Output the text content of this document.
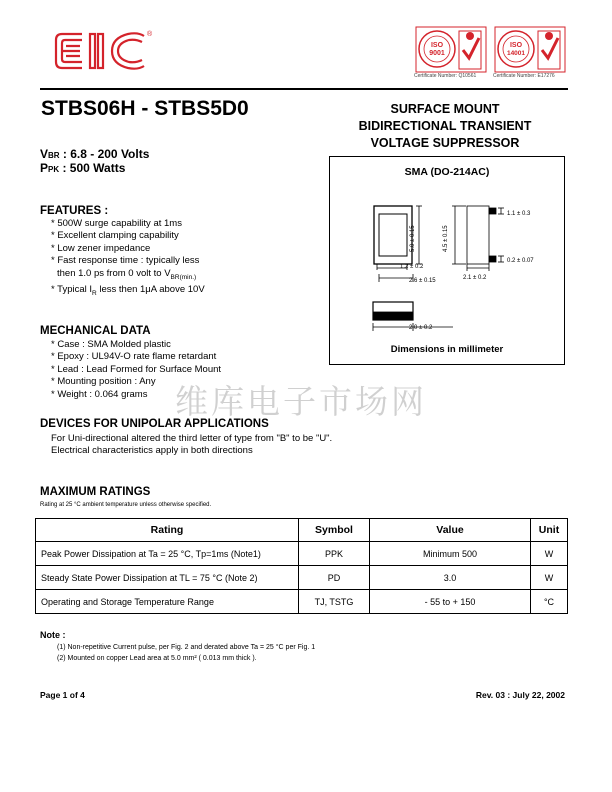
®
EIC
ISO
9001
Certificate Number: Q10561
ISO
14001
Certificate Number: E17276
STBS06H - STBS5D0	SURFACE MOUNT
BIDIRECTIONAL TRANSIENT
VOLTAGE SUPPRESSOR
VBR : 6.8 - 200 Volts
PPK : 500 Watts
FEATURES :
* 500W surge capability at 1ms
* Excellent clamping capability
* Low zener impedance
* Fast response time : typically less
then 1.0 ps from 0 volt to $V_{BR(min.)}$
* Typical $I_R$ less then 1μA above 10V
MECHANICAL DATA
* Case : SMA Molded plastic
* Epoxy : UL94V-O rate flame retardant
* Lead : Lead Formed for Surface Mount
* Mounting position : Any
* Weight : 0.064 grams
SMA (DO-214AC)
5.0 ± 0.15	4.5 ± 0.15
1.2 ± 0.2
2.6 ± 0.15	2.1 ± 0.2
1.1 ± 0.3
0.2 ± 0.07
2.0 ± 0.2
Dimensions in millimeter
维库电子市场网
DEVICES FOR UNIPOLAR APPLICATIONS
For Uni-directional altered the third letter of type from "B" to be "U".
Electrical characteristics apply in both directions
MAXIMUM RATINGS
Rating at 25 °C ambient temperature unless otherwise specified.
Rating	Symbol	Value	Unit
Peak Power Dissipation at Ta = 25 °C, Tp=1ms (Note1)	PPK	Minimum 500	W
Steady State Power Dissipation at TL = 75 °C (Note 2)	PD	3.0	W
Operating and Storage Temperature Range	TJ, TSTG	- 55 to + 150	°C
Note :
(1) Non-repetitive Current pulse, per Fig. 2 and derated above Ta = 25 °C per Fig. 1
(2) Mounted on copper Lead area at 5.0 mm² ( 0.013 mm thick ).
Page 1 of 4	Rev. 03 : July 22, 2002
